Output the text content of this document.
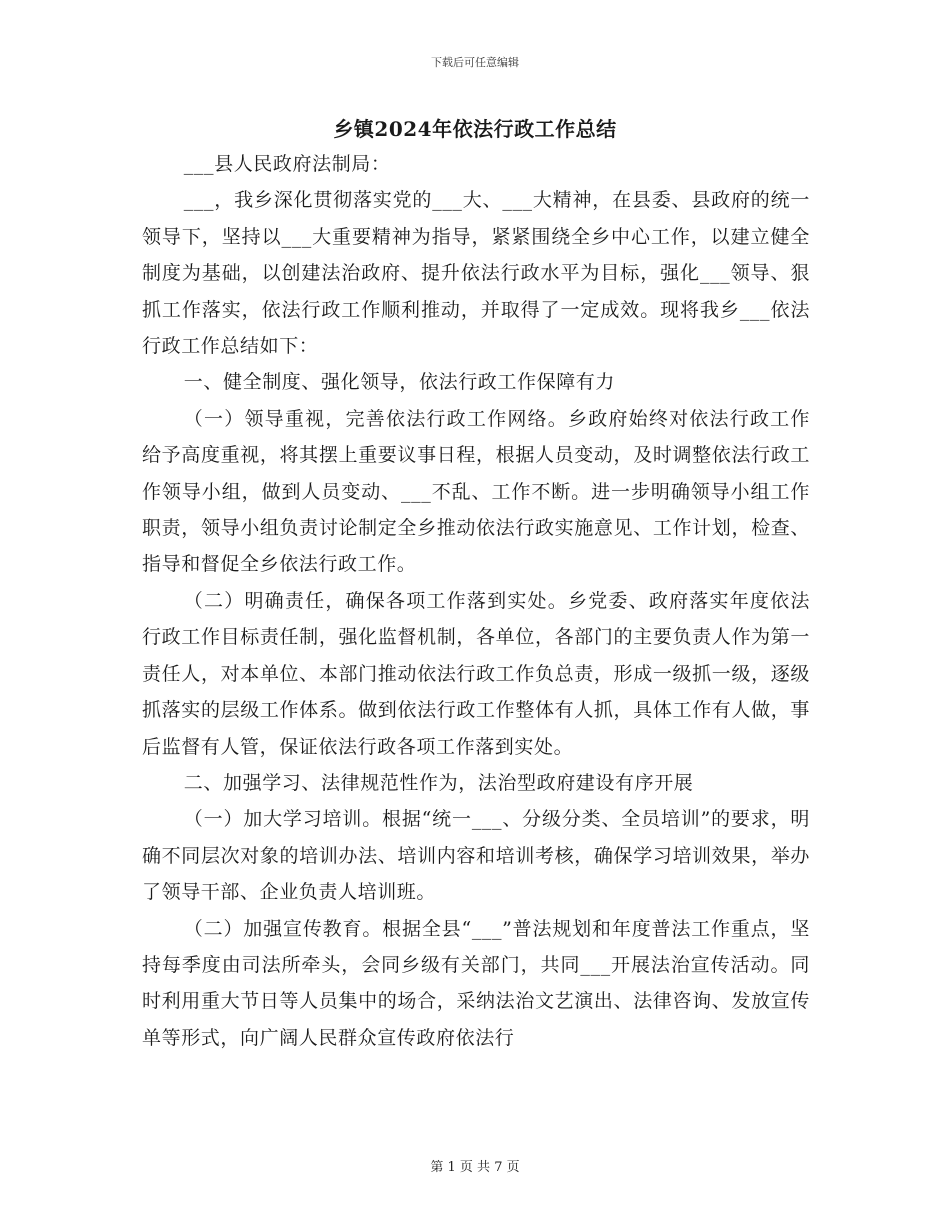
下载后可任意编辑
乡镇2024年依法行政工作总结

___县人民政府法制局：

___，我乡深化贯彻落实党的___大、___大精神，在县委、县政府的统一领导下，坚持以___大重要精神为指导，紧紧围绕全乡中心工作，以建立健全制度为基础，以创建法治政府、提升依法行政水平为目标，强化___领导、狠抓工作落实，依法行政工作顺利推动，并取得了一定成效。现将我乡___依法行政工作总结如下：

一、健全制度、强化领导，依法行政工作保障有力

（一）领导重视，完善依法行政工作网络。乡政府始终对依法行政工作给予高度重视，将其摆上重要议事日程，根据人员变动，及时调整依法行政工作领导小组，做到人员变动、___不乱、工作不断。进一步明确领导小组工作职责，领导小组负责讨论制定全乡推动依法行政实施意见、工作计划，检查、指导和督促全乡依法行政工作。

（二）明确责任，确保各项工作落到实处。乡党委、政府落实年度依法行政工作目标责任制，强化监督机制，各单位，各部门的主要负责人作为第一责任人，对本单位、本部门推动依法行政工作负总责，形成一级抓一级，逐级抓落实的层级工作体系。做到依法行政工作整体有人抓，具体工作有人做，事后监督有人管，保证依法行政各项工作落到实处。

二、加强学习、法律规范性作为，法治型政府建设有序开展

（一）加大学习培训。根据“统一___、分级分类、全员培训”的要求，明确不同层次对象的培训办法、培训内容和培训考核，确保学习培训效果，举办了领导干部、企业负责人培训班。

（二）加强宣传教育。根据全县“___”普法规划和年度普法工作重点，坚持每季度由司法所牵头，会同乡级有关部门，共同___开展法治宣传活动。同时利用重大节日等人员集中的场合，采纳法治文艺演出、法律咨询、发放宣传单等形式，向广阔人民群众宣传政府依法行

第 1 页 共 7 页
